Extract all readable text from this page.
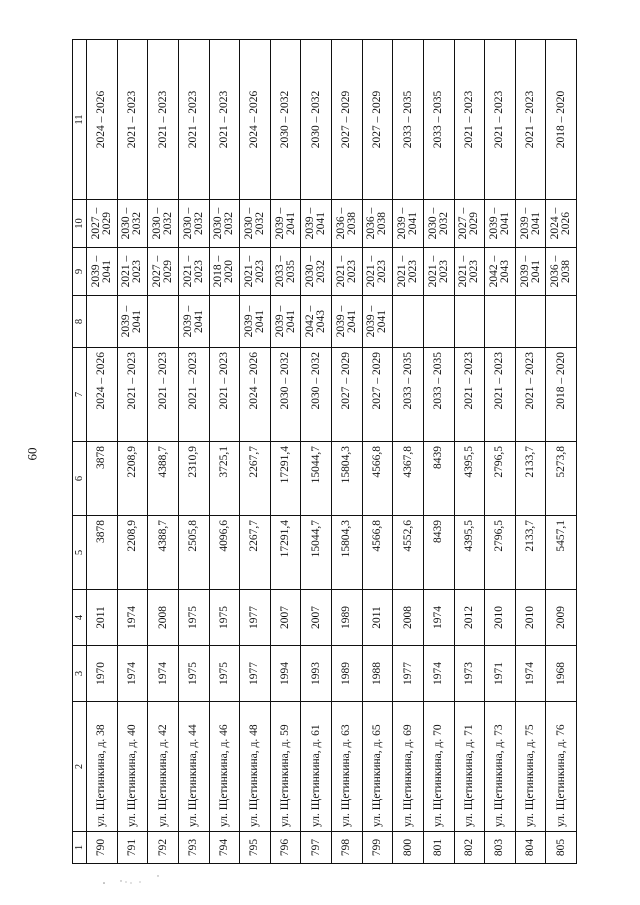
60
1	2	3	4	5	6	7	8	9	10	11
790	ул. Щетинкина, д. 38	1970	2011	3878	3878	2024 – 2026		2039 – 2041	2027 – 2029	2024 – 2026
791	ул. Щетинкина, д. 40	1974	1974	2208,9	2208,9	2021 – 2023	2039 – 2041	2021 – 2023	2030 – 2032	2021 – 2023
792	ул. Щетинкина, д. 42	1974	2008	4388,7	4388,7	2021 – 2023		2027 – 2029	2030 – 2032	2021 – 2023
793	ул. Щетинкина, д. 44	1975	1975	2505,8	2310,9	2021 – 2023	2039 – 2041	2021 – 2023	2030 – 2032	2021 – 2023
794	ул. Щетинкина, д. 46	1975	1975	4096,6	3725,1	2021 – 2023		2018 – 2020	2030 – 2032	2021 – 2023
795	ул. Щетинкина, д. 48	1977	1977	2267,7	2267,7	2024 – 2026	2039 – 2041	2021 – 2023	2030 – 2032	2024 – 2026
796	ул. Щетинкина, д. 59	1994	2007	17291,4	17291,4	2030 – 2032	2039 – 2041	2033 – 2035	2039 – 2041	2030 – 2032
797	ул. Щетинкина, д. 61	1993	2007	15044,7	15044,7	2030 – 2032	2042 – 2043	2030 – 2032	2039 – 2041	2030 – 2032
798	ул. Щетинкина, д. 63	1989	1989	15804,3	15804,3	2027 – 2029	2039 – 2041	2021 – 2023	2036 – 2038	2027 – 2029
799	ул. Щетинкина, д. 65	1988	2011	4566,8	4566,8	2027 – 2029	2039 – 2041	2021 – 2023	2036 – 2038	2027 – 2029
800	ул. Щетинкина, д. 69	1977	2008	4552,6	4367,8	2033 – 2035		2021 – 2023	2039 – 2041	2033 – 2035
801	ул. Щетинкина, д. 70	1974	1974	8439	8439	2033 – 2035		2021 – 2023	2030 – 2032	2033 – 2035
802	ул. Щетинкина, д. 71	1973	2012	4395,5	4395,5	2021 – 2023		2021 – 2023	2027 – 2029	2021 – 2023
803	ул. Щетинкина, д. 73	1971	2010	2796,5	2796,5	2021 – 2023		2042 – 2043	2039 – 2041	2021 – 2023
804	ул. Щетинкина, д. 75	1974	2010	2133,7	2133,7	2021 – 2023		2039 – 2041	2039 – 2041	2021 – 2023
805	ул. Щетинкина, д. 76	1968	2009	5457,1	5273,8	2018 – 2020		2036 – 2038	2024 – 2026	2018 – 2020
